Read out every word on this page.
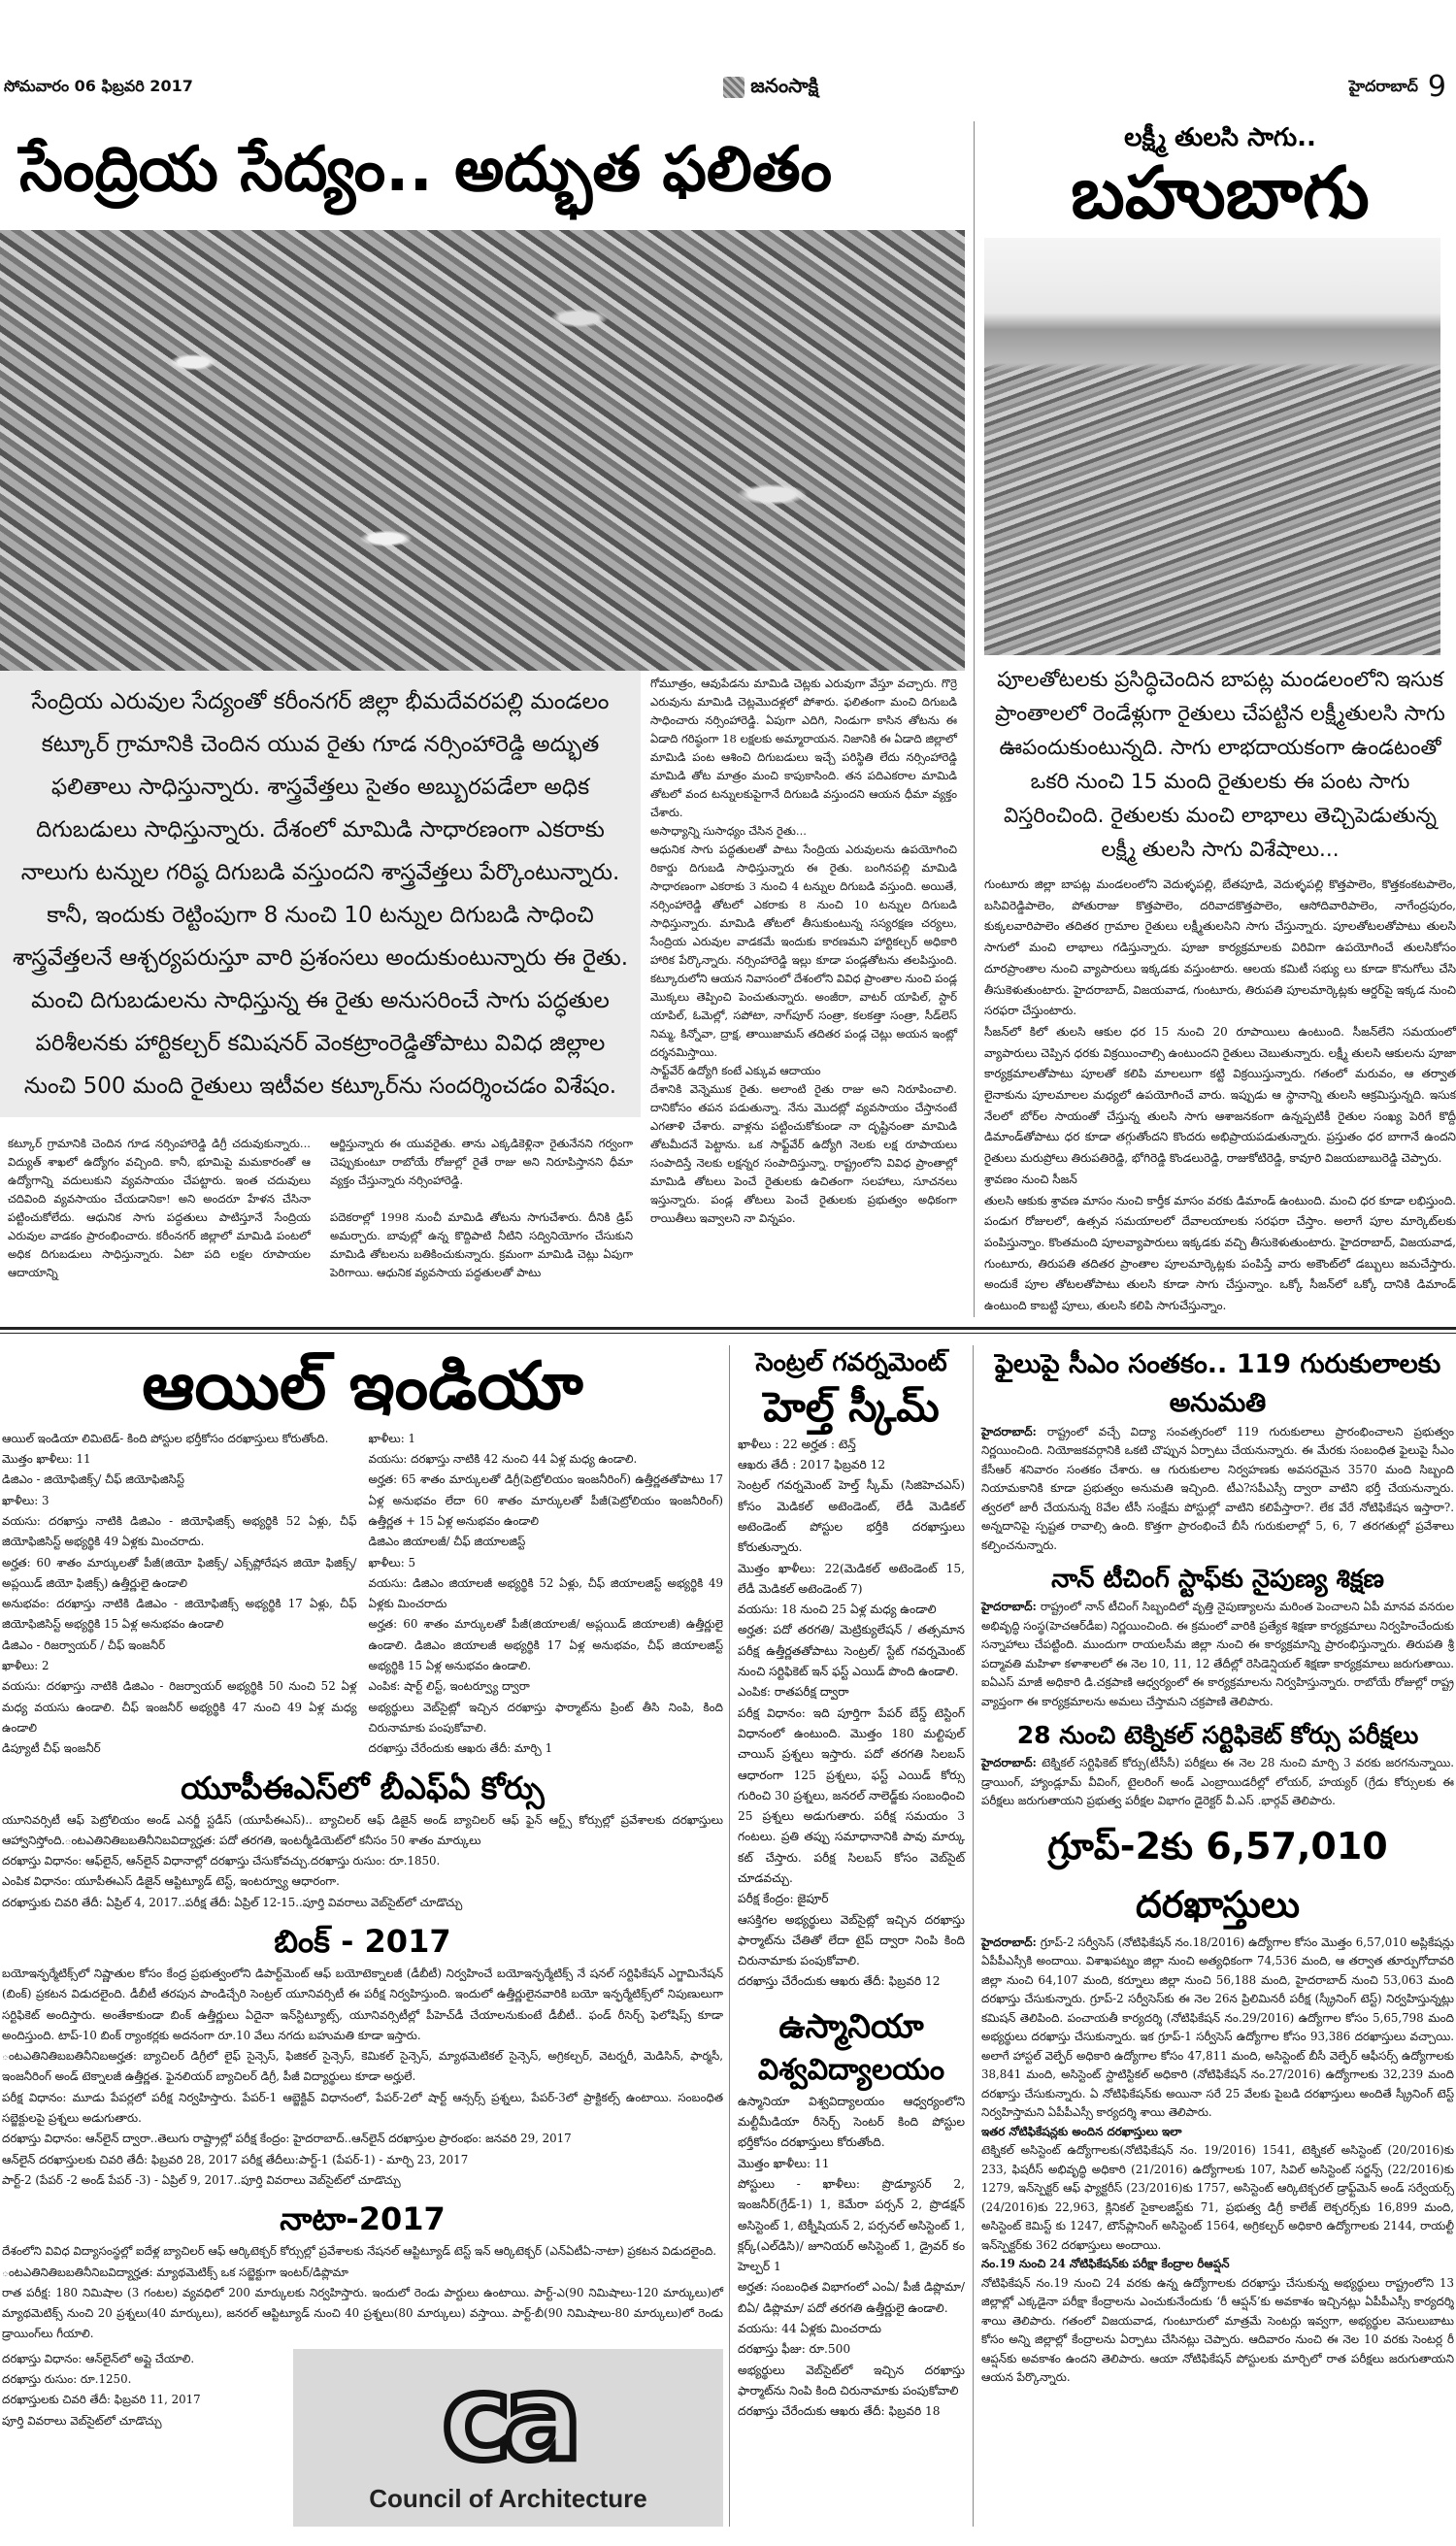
సోమవారం 06 ఫిబ్రవరి 2017	జనంసాక్షి	హైదరాబాద్ 9
సేంద్రియ సేద్యం.. అద్భుత ఫలితం
సేంద్రియ ఎరువుల సేద్యంతో కరీంనగర్ జిల్లా భీమదేవరపల్లి మండలం కట్కూర్ గ్రామానికి చెందిన యువ రైతు గూడ నర్సింహారెడ్డి అద్భుత ఫలితాలు సాధిస్తున్నారు. శాస్త్రవేత్తలు సైతం అబ్బురపడేలా అధిక దిగుబడులు సాధిస్తున్నారు. దేశంలో మామిడి సాధారణంగా ఎకరాకు నాలుగు టన్నుల గరిష్ఠ దిగుబడి వస్తుందని శాస్త్రవేత్తలు పేర్కొంటున్నారు. కానీ, ఇందుకు రెట్టింపుగా 8 నుంచి 10 టన్నుల దిగుబడి సాధించి శాస్త్రవేత్తలనే ఆశ్చర్యపరుస్తూ వారి ప్రశంసలు అందుకుంటున్నారు ఈ రైతు. మంచి దిగుబడులను సాధిస్తున్న ఈ రైతు అనుసరించే సాగు పద్ధతుల పరిశీలనకు హార్టికల్చర్ కమిషనర్ వెంకట్రాంరెడ్డితోపాటు వివిధ జిల్లాల నుంచి 500 మంది రైతులు ఇటీవల కట్కూర్‌ను సందర్శించడం విశేషం.

కట్కూర్ గ్రామానికి చెందిన గూడ నర్సింహారెడ్డి డిగ్రీ చదువుకున్నారు... విద్యుత్ శాఖలో ఉద్యోగం వచ్చింది. కానీ, భూమిపై మమకారంతో ఆ ఉద్యోగాన్ని వదులుకుని వ్యవసాయం చేపట్టారు. ఇంత చదువులు చదివింది వ్యవసాయం చేయడానికా! అని అందరూ హేళన చేసినా పట్టించుకోలేదు. ఆధునిక సాగు పద్ధతులు పాటిస్తూనే సేంద్రియ ఎరువుల వాడకం ప్రారంభించారు. కరీంనగర్ జిల్లాలో మామిడి పంటలో అధిక దిగుబడులు సాధిస్తున్నారు. ఏటా పది లక్షల రూపాయల ఆదాయాన్ని

ఆర్జిస్తున్నారు ఈ యువరైతు. తాను ఎక్కడికెళ్లినా రైతునేనని గర్వంగా చెప్పుకుంటూ రాబోయే రోజుల్లో రైతే రాజు అని నిరూపిస్తానని ధీమా వ్యక్తం చేస్తున్నారు నర్సింహారెడ్డి.

పదెకరాల్లో 1998 నుంచీ మామిడి తోటను సాగుచేశారు. దీనికి డ్రిప్ అమర్చారు. బావుల్లో ఉన్న కొద్దిపాటి నీటిని సద్వినియోగం చేసుకుని మామిడి తోటలను బతికించుకున్నారు. క్రమంగా మామిడి చెట్లు ఏపుగా పెరిగాయి. ఆధునిక వ్యవసాయ పద్ధతులతో పాటు

గోమూత్రం, ఆవుపేడను మామిడి చెట్లకు ఎరువుగా వేస్తూ వచ్చారు. గొర్రె ఎరువును మామిడి చెట్లమొదళ్లలో పోశారు. ఫలితంగా మంచి దిగుబడి సాధించారు నర్సింహారెడ్డి. ఏపుగా ఎదిగి, నిండుగా కాసిన తోటను ఈ ఏడాది గరిష్ఠంగా 18 లక్షలకు అమ్మారాయన. నిజానికి ఈ ఏడాది జిల్లాలో మామిడి పంట ఆశించి దిగుబడులు ఇచ్చే పరిస్థితి లేదు నర్సింహారెడ్డి మామిడి తోట మాత్రం మంచి కాపుకాసింది. తన పదిఎకరాల మామిడి తోటలో వంద టన్నులకుపైగానే దిగుబడి వస్తుందని ఆయన ధీమా వ్యక్తం చేశారు.

అసాధ్యాన్ని సుసాధ్యం చేసిన రైతు...

ఆధునిక సాగు పద్ధతులతో పాటు సేంద్రియ ఎరువులను ఉపయోగించి రికార్డు దిగుబడి సాధిస్తున్నారు ఈ రైతు. బంగినపల్లి మామిడి సాధారణంగా ఎకరాకు 3 నుంచి 4 టన్నుల దిగుబడి వస్తుంది. అయితే, నర్సింహారెడ్డి తోటలో ఎకరాకు 8 నుంచి 10 టన్నుల దిగుబడి సాధిస్తున్నారు. మామిడి తోటలో తీసుకుంటున్న సస్యరక్షణ చర్యలు, సేంద్రియ ఎరువుల వాడకమే ఇందుకు కారణమని హార్టికల్చర్ అధికారి హారిక పేర్కొన్నారు. నర్సింహారెడ్డి ఇల్లు కూడా పండ్లతోటను తలపిస్తుంది. కట్కూరులోని ఆయన నివాసంలో దేశంలోని వివిధ ప్రాంతాల నుంచి పండ్ల మొక్కలు తెప్పించి పెంచుతున్నారు. అంజీరా, వాటర్ యాపిల్, స్టార్ యాపిల్, ఓమెల్లో, సపోటా, నాగ్‌పూర్ సంత్రా, కలకత్తా సంత్రా, సీడ్‌లెస్ నిమ్మ, కిన్నోవా, ద్రాక్ష, తాయిజామస్ తదితర పండ్ల చెట్లు అయన ఇంట్లో దర్శనమిస్తాయి.

సాఫ్ట్‌వేర్ ఉద్యోగి కంటే ఎక్కువ ఆదాయం

దేశానికి వెన్నెముక రైతు. అలాంటి రైతు రాజు అని నిరూపించాలి. దానికోసం తపన పడుతున్నా. నేను మొదట్లో వ్యవసాయం చేస్తానంటే ఎగతాళి చేశారు. వాళ్లను పట్టించుకోకుండా నా దృష్టినంతా మామిడి తోటమీదనే పెట్టాను. ఒక సాఫ్ట్‌వేర్ ఉద్యోగి నెలకు లక్ష రూపాయలు సంపాదిస్తే నెలకు లక్షన్నర సంపాదిస్తున్నా. రాష్ట్రంలోని వివిధ ప్రాంతాల్లో మామిడి తోటలు పెంచే రైతులకు ఉచితంగా సలహాలు, సూచనలు ఇస్తున్నారు. పండ్ల తోటలు పెంచే రైతులకు ప్రభుత్వం అధికంగా రాయితీలు ఇవ్వాలని నా విన్నపం.

లక్ష్మీ తులసి సాగు..
బహుబాగు
పూలతోటలకు ప్రసిద్ధిచెందిన బాపట్ల మండలంలోని ఇసుక ప్రాంతాలలో రెండేళ్లుగా రైతులు చేపట్టిన లక్ష్మీతులసి సాగు ఊపందుకుంటున్నది. సాగు లాభదాయకంగా ఉండటంతో ఒకరి నుంచి 15 మంది రైతులకు ఈ పంట సాగు విస్తరించింది. రైతులకు మంచి లాభాలు తెచ్చిపెడుతున్న లక్ష్మీ తులసి సాగు విశేషాలు...

గుంటూరు జిల్లా బాపట్ల మండలంలోని వెదుళ్ళపల్లి, బేతపూడి, వెదుళ్ళపల్లి కొత్తపాలెం, కొత్తకంకటపాలెం, బసివిరెడ్డిపాలెం, పోతురాజు కొత్తపాలెం, దరివాదకొత్తపాలెం, ఆసోదివారిపాలెం, నాగేంద్రపురం, కుక్కలవారిపాలెం తదితర గ్రామాల రైతులు లక్ష్మీతులసిని సాగు చేస్తున్నారు. పూలతోటలతోపాటు తులసి సాగులో మంచి లాభాలు గడిస్తున్నారు. పూజా కార్యక్రమాలకు విరివిగా ఉపయోగించే తులసికోసం దూరప్రాంతాల నుంచి వ్యాపారులు ఇక్కడకు వస్తుంటారు. ఆలయ కమిటీ సభ్యు లు కూడా కొనుగోలు చేసి తీసుకెళుతుంటారు. హైదరాబాద్, విజయవాడ, గుంటూరు, తిరుపతి పూలమార్కెట్లకు ఆర్డర్‌పై ఇక్కడ నుంచి సరఫరా చేస్తుంటారు.

సీజన్‌లో కిలో తులసి ఆకుల ధర 15 నుంచి 20 రూపాయిలు ఉంటుంది. సీజన్‌లేని సమయంలో వ్యాపారులు చెప్పిన ధరకు విక్రయించాల్సి ఉంటుందని రైతులు చెబుతున్నారు. లక్ష్మీ తులసి ఆకులను పూజా కార్యక్రమాలతోపాటు పూలతో కలిపి మాలలుగా కట్టి విక్రయిస్తున్నారు. గతంలో మరువం, ఆ తర్వాత లైనాకును పూలమాలల మధ్యలో ఉపయోగించే వారు. ఇప్పుడు ఆ స్థానాన్ని తులసి ఆక్రమిస్తున్నది. ఇసుక నేలలో బోర్‌ల సాయంతో చేస్తున్న తులసి సాగు ఆశాజనకంగా ఉన్నప్పటికీ రైతుల సంఖ్య పెరిగే కొద్దీ డిమాండ్‌తోపాటు ధర కూడా తగ్గుతోందని కొందరు అభిప్రాయపడుతున్నారు. ప్రస్తుతం ధర బాగానే ఉందని రైతులు మరుప్రోలు తిరుపతిరెడ్డి, భోగిరెడ్డి కొండలురెడ్డి, రాజుకోటిరెడ్డి, కావూరి విజయబాబురెడ్డి చెప్పారు.

శ్రావణం నుంచి సీజన్

తులసి ఆకుకు శ్రావణ మాసం నుంచి కార్తీక మాసం వరకు డిమాండ్ ఉంటుంది. మంచి ధర కూడా లభిస్తుంది. పండుగ రోజులలో, ఉత్సవ సమయాలలో దేవాలయాలకు సరఫరా చేస్తాం. అలాగే పూల మార్కెట్‌లకు పంపిస్తున్నాం. కొంతమంది పూలవ్యాపారులు ఇక్కడకు వచ్చి తీసుకెళుతుంటారు. హైదరాబాద్, విజయవాడ, గుంటూరు, తిరుపతి తదితర ప్రాంతాల పూలమార్కెట్లకు పంపిస్తే వారు అకౌంట్‌లో డబ్బులు జమచేస్తారు. అందుకే పూల తోటలతోపాటు తులసి కూడా సాగు చేస్తున్నాం. ఒక్కో సీజన్‌లో ఒక్కో దానికి డిమాండ్ ఉంటుంది కాబట్టి పూలు, తులసి కలిపి సాగుచేస్తున్నాం.

ఆయిల్ ఇండియా

ఆయిల్ ఇండియా లిమిటెడ్- కింది పోస్టుల భర్తీకోసం దరఖాస్తులు కోరుతోంది.

మొత్తం ఖాళీలు: 11

డిజిఎం - జియోఫిజిక్స్/ చీఫ్ జియోఫిజిసిస్ట్

ఖాళీలు: 3

వయసు: దరఖాస్తు నాటికి డిజిఎం - జియోఫిజిక్స్ అభ్యర్థికి 52 ఏళ్లు, చీఫ్ జియోఫిజిసిస్ట్ అభ్యర్థికి 49 ఏళ్లకు మించరాదు.

అర్హత: 60 శాతం మార్కులతో పీజీ(జియో ఫిజిక్స్/ ఎక్స్‌ప్లోరేషన జియో ఫిజిక్స్/ అప్లయిడ్ జియో ఫిజిక్స్) ఉత్తీర్ణులై ఉండాలి

అనుభవం: దరఖాస్తు నాటికి డిజిఎం - జియోఫిజిక్స్ అభ్యర్థికి 17 ఏళ్లు, చీఫ్ జియోఫిజిసిస్ట్ అభ్యర్థికి 15 ఏళ్ల అనుభవం ఉండాలి

డిజిఎం - రిజర్వాయర్ / చీఫ్ ఇంజనీర్

ఖాళీలు: 2

వయసు: దరఖాస్తు నాటికి డిజిఎం - రిజర్వాయర్ అభ్యర్థికి 50 నుంచి 52 ఏళ్ల మధ్య వయసు ఉండాలి. చీఫ్ ఇంజనీర్ అభ్యర్థికి 47 నుంచి 49 ఏళ్ల మధ్య ఉండాలి

డిప్యూటీ చీఫ్ ఇంజనీర్

ఖాళీలు: 1

వయసు: దరఖాస్తు నాటికి 42 నుంచి 44 ఏళ్ల మధ్య ఉండాలి.

అర్హత: 65 శాతం మార్కులతో డిగ్రీ(పెట్రోలియం ఇంజనీరింగ్) ఉత్తీర్ణతతోపాటు 17 ఏళ్ల అనుభవం లేదా 60 శాతం మార్కులతో పీజీ(పెట్రోలియం ఇంజనీరింగ్) ఉత్తీర్ణత + 15 ఏళ్ల అనుభవం ఉండాలి

డిజిఎం జియాలజీ/ చీఫ్ జియాలజిస్ట్

ఖాళీలు: 5

వయసు: డిజిఎం జియాలజీ అభ్యర్థికి 52 ఏళ్లు, చీఫ్ జియాలజిస్ట్ అభ్యర్థికి 49 ఏళ్లకు మించరాదు

అర్హత: 60 శాతం మార్కులతో పీజీ(జియాలజీ/ అప్లయిడ్ జియాలజీ) ఉత్తీర్ణులై ఉండాలి. డిజిఎం జియాలజీ అభ్యర్థికి 17 ఏళ్ల అనుభవం, చీఫ్ జియాలజిస్ట్ అభ్యర్థికి 15 ఏళ్ల అనుభవం ఉండాలి.

ఎంపిక: షార్ట్ లిస్ట్, ఇంటర్వ్యూ ద్వారా

అభ్యర్థులు వెబ్‌సైట్లో ఇచ్చిన దరఖాస్తు ఫార్మాట్‌ను ప్రింట్ తీసి నింపి, కింది చిరునామాకు పంపుకోవాలి.

దరఖాస్తు చేరేందుకు ఆఖరు తేదీ: మార్చి 1

యూపీఈఎస్‌లో బీఎఫ్ఏ కోర్సు

యూనివర్సిటీ ఆఫ్ పెట్రోలియం అండ్ ఎనర్జీ స్టడీస్ (యూపీఈఎస్).. బ్యాచిలర్ ఆఫ్ డిజైన్ అండ్ బ్యాచిలర్ ఆఫ్ ఫైన్ ఆర్ట్స్ కోర్సుల్లో ప్రవేశాలకు దరఖాస్తులు ఆహ్వానిస్తోంది.ంటఎతినితిబబతినీనిబవిద్యార్హత: పదో తరగతి, ఇంటర్మీడియెట్‌లో కనీసం 50 శాతం మార్కులు

దరఖాస్తు విధానం: ఆఫ్‌లైన్, ఆన్‌లైన్ విధానాల్లో దరఖాస్తు చేసుకోవచ్చు.దరఖాస్తు రుసుం: రూ.1850.

ఎంపిక విధానం: యూపీఈఎస్ డిజైన్ ఆప్టిట్యూడ్ టెస్ట్, ఇంటర్వ్యూ ఆధారంగా.

దరఖాస్తుకు చివరి తేదీ: ఏప్రిల్ 4, 2017..పరీక్ష తేదీ: ఏప్రిల్ 12-15..పూర్తి వివరాలు వెబ్‌సైట్‌లో చూడొచ్చు

బింక్ - 2017

బయోఇన్ఫర్మేటిక్స్‌లో నిష్ణాతుల కోసం కేంద్ర ప్రభుత్వంలోని డిపార్ట్‌మెంట్ ఆఫ్ బయోటెక్నాలజీ (డీబీటీ) నిర్వహించే బయోఇన్ఫర్మేటిక్స్ నే షనల్ సర్టిఫికేషన్ ఎగ్జామినేషన్ (బింక్) ప్రకటన విడుదలైంది. డీబీటీ తరపున పాండిచ్చేరి సెంట్రల్ యూనివర్సిటీ ఈ పరీక్ష నిర్వహిస్తుంది. ఇందులో ఉత్తీర్ణులైనవారికి బయో ఇన్ఫర్మేటిక్స్‌లో నిపుణులుగా సర్టిఫికెట్ అందిస్తారు. అంతేకాకుండా బింక్ ఉత్తీర్ణులు ఏదైనా ఇన్‌స్టిట్యూట్స్, యూనివర్సిటీల్లో పీహెచ్‌డీ చేయాలనుకుంటే డీబీటీ.. ఫండ్ రీసెర్చ్ ఫెలోషిప్స్ కూడా అందిస్తుంది. టాప్-10 బింక్ ర్యాంకర్లకు అదనంగా రూ.10 వేలు నగదు బహుమతి కూడా ఇస్తారు.

ంటఎతినితిబబతినీనిబఅర్హత: బ్యాచిలర్ డిగ్రీలో లైఫ్ సైన్సెస్, ఫిజికల్ సైన్సెస్, కెమికల్ సైన్సెస్, మ్యాథమెటికల్ సైన్సెస్, అగ్రికల్చర్, వెటర్నరీ, మెడిసిన్, ఫార్మసీ, ఇంజనీరింగ్ అండ్ టెక్నాలజీ ఉత్తీర్ణత. ఫైనలియర్ బ్యాచిలర్ డిగ్రీ, పీజీ విద్యార్థులు కూడా అర్హులే.

పరీక్ష విధానం: మూడు పేపర్లలో పరీక్ష నిర్వహిస్తారు. పేపర్-1 ఆబ్జెక్టివ్ విధానంలో, పేపర్-2లో షార్ట్ ఆన్సర్స్ ప్రశ్నలు, పేపర్-3లో ప్రాక్టికల్స్ ఉంటాయి. సంబంధిత సబ్జెక్టులపై ప్రశ్నలు అడుగుతారు.

దరఖాస్తు విధానం: ఆన్‌లైన్ ద్వారా..తెలుగు రాష్ట్రాల్లో పరీక్ష కేంద్రం: హైదరాబాద్..ఆన్‌లైన్ దరఖాస్తుల ప్రారంభం: జనవరి 29, 2017

ఆన్‌లైన్ దరఖాస్తులకు చివరి తేదీ: ఫిబ్రవరి 28, 2017 పరీక్ష తేదీలు:పార్ట్-1 (పేపర్-1) - మార్చి 23, 2017

పార్ట్-2 (పేపర్ -2 అండ్ పేపర్ -3) - ఏప్రిల్ 9, 2017..పూర్తి వివరాలు వెబ్‌సైట్‌లో చూడొచ్చు

నాటా-2017

దేశంలోని వివిధ విద్యాసంస్థల్లో ఐదేళ్ల బ్యాచిలర్ ఆఫ్ ఆర్కిటెక్చర్ కోర్సుల్లో ప్రవేశాలకు నేషనల్ ఆప్టిట్యూడ్ టెస్ట్ ఇన్ ఆర్కిటెక్చర్ (ఎన్ఏటీఏ-నాటా) ప్రకటన విడుదలైంది.

ంటఎతినితిబబతినీనిబవిద్యార్హత: మ్యాథమెటిక్స్ ఒక సబ్జెక్టుగా ఇంటర్/డిప్లొమా

రాత పరీక్ష: 180 నిమిషాల (3 గంటల) వ్యవధిలో 200 మార్కులకు నిర్వహిస్తారు. ఇందులో రెండు పార్టులు ఉంటాయి. పార్ట్-ఎ(90 నిమిషాలు-120 మార్కులు)లో మ్యాథమెటిక్స్ నుంచి 20 ప్రశ్నలు(40 మార్కులు), జనరల్ ఆప్టిట్యూడ్ నుంచి 40 ప్రశ్నలు(80 మార్కులు) వస్తాయి. పార్ట్-బీ(90 నిమిషాలు-80 మార్కులు)లో రెండు డ్రాయింగ్‌లు గీయాలి.

దరఖాస్తు విధానం: ఆన్‌లైన్‌లో అప్లై చేయాలి.

దరఖాస్తు రుసుం: రూ.1250.

దరఖాస్తులకు చివరి తేదీ: ఫిబ్రవరి 11, 2017

పూర్తి వివరాలు వెబ్‌సైట్‌లో చూడొచ్చు	ca
Council of Architecture
సెంట్రల్ గవర్నమెంట్
హెల్త్ స్కీమ్

ఖాళీలు : 22 అర్హత : టెన్త్

ఆఖరు తేదీ : 2017 ఫిబ్రవరి 12

సెంట్రల్ గవర్నమెంట్ హెల్త్ స్కీమ్ (సిజిహెచఎస్) కోసం మెడికల్ అటెండెంట్, లేడీ మెడికల్ అటెండెంట్ పోస్టుల భర్తీకి దరఖాస్తులు కోరుతున్నారు.

మొత్తం ఖాళీలు: 22(మెడికల్ అటెండెంట్ 15, లేడీ మెడికల్ అటెండెంట్ 7)

వయసు: 18 నుంచి 25 ఏళ్ల మధ్య ఉండాలి

అర్హత: పదో తరగతి/ మెట్రిక్యులేషన్ / తత్సమాన పరీక్ష ఉత్తీర్ణతతోపాటు సెంట్రల్/ స్టేట్ గవర్నమెంట్ నుంచి సర్టిఫికెట్ ఇన్ ఫస్ట్ ఎయిడ్ పొంది ఉండాలి.

ఎంపిక: రాతపరీక్ష ద్వారా

పరీక్ష విధానం: ఇది పూర్తిగా పేపర్ బేస్డ్ టెస్టింగ్ విధానంలో ఉంటుంది. మొత్తం 180 మల్టిపుల్ చాయిస్ ప్రశ్నలు ఇస్తారు. పదో తరగతి సిలబస్ ఆధారంగా 125 ప్రశ్నలు, ఫస్ట్ ఎయిడ్ కోర్సు గురించి 30 ప్రశ్నలు, జనరల్ నాలెడ్జ్‌కు సంబంధించి 25 ప్రశ్నలు అడుగుతారు. పరీక్ష సమయం 3 గంటలు. ప్రతి తప్పు సమాధానానికి పావు మార్కు కట్ చేస్తారు. పరీక్ష సిలబస్ కోసం వెబ్‌సైట్ చూడవచ్చు.

పరీక్ష కేంద్రం: జైపూర్

ఆసక్తిగల అభ్యర్థులు వెబ్‌సైట్లో ఇచ్చిన దరఖాస్తు ఫార్మాట్‌ను చేతితో లేదా టైప్ ద్వారా నింపి కింది చిరునామాకు పంపుకోవాలి.

దరఖాస్తు చేరేందుకు ఆఖరు తేదీ: ఫిబ్రవరి 12

ఉస్మానియా
విశ్వవిద్యాలయం

ఉస్మానియా విశ్వవిద్యాలయం ఆధ్వర్యంలోని మల్టీమీడియా రీసెర్చ్ సెంటర్ కింది పోస్టుల భర్తీకోసం దరఖాస్తులు కోరుతోంది.

మొత్తం ఖాళీలు: 11

పోస్టులు - ఖాళీలు: ప్రొడ్యూసర్ 2, ఇంజనీర్(గ్రేడ్-1) 1, కెమేరా పర్సన్ 2, ప్రొడక్షన్ అసిస్టెంట్ 1, టెక్నీషియన్ 2, పర్సనల్ అసిస్టెంట్ 1, క్లర్క్(ఎల్‌డిసి)/ జూనియర్ అసిస్టెంట్ 1, డ్రైవర్ కం హెల్పర్ 1

అర్హత: సంబంధిత విభాగంలో ఎంఏ/ పీజీ డిప్లొమా/ బిఏ/ డిప్లొమా/ పదో తరగతి ఉత్తీర్ణులై ఉండాలి.

వయసు: 44 ఏళ్లకు మించరాదు

దరఖాస్తు ఫీజు: రూ.500

అభ్యర్థులు వెబ్‌సైట్‌లో ఇచ్చిన దరఖాస్తు ఫార్మాట్‌ను నింపి కింది చిరునామాకు పంపుకోవాలి

దరఖాస్తు చేరేందుకు ఆఖరు తేదీ: ఫిబ్రవరి 18

ఫైలుపై సీఎం సంతకం.. 119 గురుకులాలకు అనుమతి

హైదరాబాద్: రాష్ట్రంలో వచ్చే విద్యా సంవత్సరంలో 119 గురుకులాలు ప్రారంభించాలని ప్రభుత్వం నిర్ణయించింది. నియోజకవర్గానికి ఒకటి చొప్పున ఏర్పాటు చేయనున్నారు. ఈ మేరకు సంబంధిత ఫైలుపై సీఎం కేసీఆర్ శనివారం సంతకం చేశారు. ఆ గురుకులాల నిర్వహణకు అవసరమైన 3570 మంది సిబ్బంది నియామకానికి కూడా ప్రభుత్వం అనుమతి ఇచ్చింది. టీఎ?సపీఎస్సీ ద్వారా వాటిని భర్తీ చేయనున్నారు. త్వరలో జారీ చేయనున్న 8వేల టీసీ సంక్షేమ పోస్టుల్లో వాటిని కలిపేస్తారా?. లేక వేరే నోటిఫికేషన ఇస్తారా?. అన్నదానిపై స్పష్టత రావాల్సి ఉంది. కొత్తగా ప్రారంభించే బీసీ గురుకులాల్లో 5, 6, 7 తరగతుల్లో ప్రవేశాలు కల్పించనున్నారు.

నాన్ టీచింగ్ స్టాఫ్‌కు నైపుణ్య శిక్షణ

హైదరాబాద్: రాష్ట్రంలో నాన్ టీచింగ్ సిబ్బందిలో వృత్తి నైపుణ్యాలను మరింత పెంచాలని ఏపీ మానవ వనరుల అభివృద్ధి సంస్థ(హెచఆర్‌డీఐ) నిర్ణయించింది. ఈ క్రమంలో వారికి ప్రత్యేక శిక్షణా కార్యక్రమాలు నిర్వహించేందుకు సన్నాహాలు చేపట్టింది. ముందుగా రాయలసీమ జిల్లా నుంచి ఈ కార్యక్రమాన్ని ప్రారంభిస్తున్నారు. తిరుపతి శ్రీ పద్మావతి మహిళా కళాశాలలో ఈ నెల 10, 11, 12 తేదీల్లో రెసిడెన్షియల్ శిక్షణా కార్యక్రమాలు జరుగుతాయి. ఐఏఎస్ మాజీ అధికారి డి.చక్రపాణి ఆధ్వర్యంలో ఈ కార్యక్రమాలను నిర్వహిస్తున్నారు. రాబోయే రోజుల్లో రాష్ట్ర వ్యాప్తంగా ఈ కార్యక్రమాలను అమలు చేస్తామని చక్రపాణి తెలిపారు.

28 నుంచి టెక్నికల్ సర్టిఫికెట్ కోర్సు పరీక్షలు

హైదరాబాద్: టెక్నికల్ సర్టిఫికెట్ కోర్సు(టీసీసీ) పరీక్షలు ఈ నెల 28 నుంచి మార్చి 3 వరకు జరగనున్నాయి. డ్రాయింగ్, హ్యాండ్లూమ్ వీవింగ్, టైలరింగ్ అండ్ ఎంబ్రాయిడరీల్లో లోయర్, హయ్యర్ (గ్రేడు కోర్సులకు ఈ పరీక్షలు జరుగుతాయని ప్రభుత్వ పరీక్షల విభాగం డైరెక్టర్ వీ.ఎస్ .భార్గవ్ తెలిపారు.

గ్రూప్-2కు 6,57,010 దరఖాస్తులు

హైదరాబాద్: గ్రూప్-2 సర్వీసెస్ (నోటిఫికేషన్ నం.18/2016) ఉద్యోగాల కోసం మొత్తం 6,57,010 అప్లికేషన్లు ఏపీపీఎస్సీకి అందాయి. విశాఖపట్నం జిల్లా నుంచి అత్యధికంగా 74,536 మంది, ఆ తర్వాత తూర్పుగోదావరి జిల్లా నుంచి 64,107 మంది, కర్నూలు జిల్లా నుంచి 56,188 మంది, హైదరాబాద్ నుంచి 53,063 మంది దరఖాస్తు చేసుకున్నారు. గ్రూప్-2 సర్వీసెస్‌కు ఈ నెల 26న ప్రిలిమినరీ పరీక్ష (స్క్రీనింగ్ టెస్ట్) నిర్వహిస్తున్నట్లు కమిషన్ తెలిపింది. పంచాయతీ కార్యదర్శి (నోటిఫికేషన్ నం.29/2016) ఉద్యోగాల కోసం 5,65,798 మంది అభ్యర్థులు దరఖాస్తు చేసుకున్నారు. ఇక గ్రూప్-1 సర్వీసెస్ ఉద్యోగాల కోసం 93,386 దరఖాస్తులు వచ్చాయి. అలాగే హాస్టల్ వెల్ఫేర్ అధికారి ఉద్యోగాల కోసం 47,811 మంది, అసిస్టెంట్ బీసీ వెల్ఫేర్ ఆఫీసర్స్ ఉద్యోగాలకు 38,841 మంది, అసిస్టెంట్ స్టాటిస్టికల్ అధికారి (నోటిఫికేషన్ నం.27/2016) ఉద్యోగాలకు 32,239 మంది దరఖాస్తు చేసుకున్నారు. ఏ నోటిఫికేషన్‌కు అయినా సరే 25 వేలకు పైబడి దరఖాస్తులు అందితే స్క్రీనింగ్ టెస్ట్ నిర్వహిస్తామని ఏపీపీఎస్సీ కార్యదర్శి శాయి తెలిపారు.

ఇతర నోటిఫికేషన్లకు అందిన దరఖాస్తులు ఇలా

టెక్నికల్ అసిస్టెంట్ ఉద్యోగాలకు(నోటిఫికేషన్ నం. 19/2016) 1541, టెక్నికల్ అసిస్టెంట్ (20/2016)కు 233, ఫిషరీస్ అభివృద్ధి అధికారి (21/2016) ఉద్యోగాలకు 107, సివిల్ అసిస్టెంట్ సర్జన్స్ (22/2016)కు 1279, ఇన్‌స్పెక్టర్ ఆఫ్ ఫ్యాక్టరీస్ (23/2016)కు 1757, అసిస్టెంట్ ఆర్కిటెక్చరల్ డ్రాఫ్ట్‌మెన్ అండ్ సర్వేయర్స్ (24/2016)కు 22,963, క్లినికల్ సైకాలజిస్ట్‌కు 71, ప్రభుత్వ డిగ్రీ కాలేజ్ లెక్చరర్స్‌కు 16,899 మంది, అసిస్టెంట్ కెమిస్ట్ కు 1247, టౌన్‌ప్లానింగ్ అసిస్టెంట్ 1564, అగ్రికల్చర్ అధికారి ఉద్యోగాలకు 2144, రాయల్టీ ఇన్‌స్పెక్టర్‌కు 362 దరఖాస్తులు అందాయి.

నం.19 నుంచి 24 నోటిఫికేషన్‌కు పరీక్షా కేంద్రాల రీఆప్షన్

నోటిఫికేషన్ నం.19 నుంచి 24 వరకు ఉన్న ఉద్యోగాలకు దరఖాస్తు చేసుకున్న అభ్యర్థులు రాష్ట్రంలోని 13 జిల్లాల్లో ఎక్కడైనా పరీక్షా కేంద్రాలను ఎంచుకునేందుకు ‘రీ ఆప్షన్’కు అవకాశం ఇచ్చినట్లు ఏపీపీఎస్సీ కార్యదర్శి శాయి తెలిపారు. గతంలో విజయవాడ, గుంటూరులో మాత్రమే సెంటర్లు ఇవ్వగా, అభ్యర్థుల వెసులుబాటు కోసం అన్ని జిల్లాల్లో కేంద్రాలను ఏర్పాటు చేసినట్లు చెప్పారు. ఆదివారం నుంచి ఈ నెల 10 వరకు సెంటర్ల రీ ఆప్షన్‌కు అవకాశం ఉందని తెలిపారు. ఆయా నోటిఫికేషన్ పోస్టులకు మార్చిలో రాత పరీక్షలు జరుగుతాయని ఆయన పేర్కొన్నారు.
